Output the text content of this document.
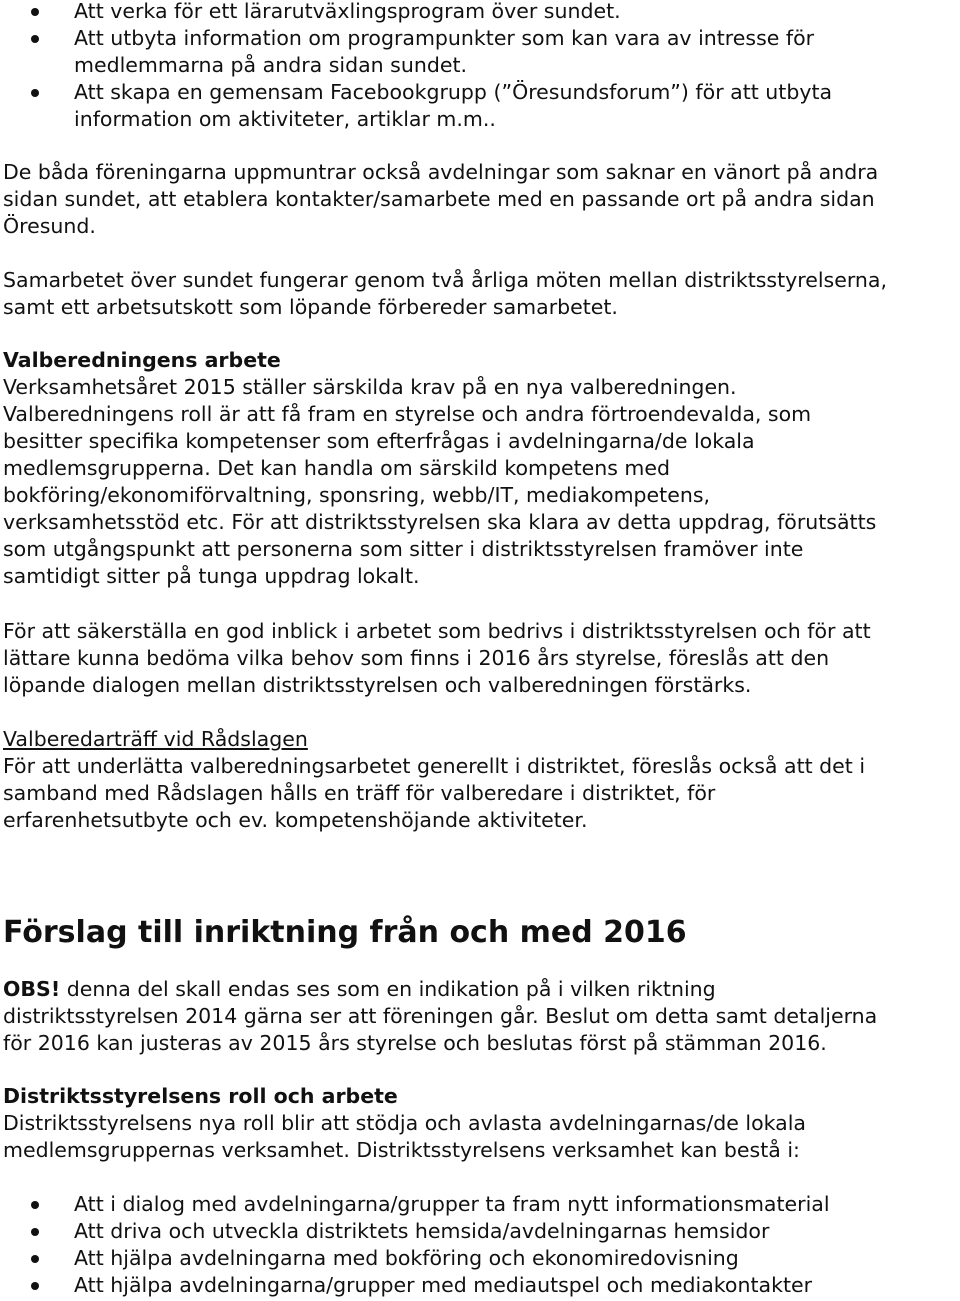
Att verka för ett lärarutväxlingsprogram över sundet.
Att utbyta information om programpunkter som kan vara av intresse för
medlemmarna på andra sidan sundet.
Att skapa en gemensam Facebookgrupp (”Öresundsforum”) för att utbyta
information om aktiviteter, artiklar m.m..
De båda föreningarna uppmuntrar också avdelningar som saknar en vänort på andra
sidan sundet, att etablera kontakter/samarbete med en passande ort på andra sidan
Öresund.
Samarbetet över sundet fungerar genom två årliga möten mellan distriktsstyrelserna,
samt ett arbetsutskott som löpande förbereder samarbetet.
Valberedningens arbete
Verksamhetsåret 2015 ställer särskilda krav på en nya valberedningen.
Valberedningens roll är att få fram en styrelse och andra förtroendevalda, som
besitter specifika kompetenser som efterfrågas i avdelningarna/de lokala
medlemsgrupperna. Det kan handla om särskild kompetens med
bokföring/ekonomiförvaltning, sponsring, webb/IT, mediakompetens,
verksamhetsstöd etc. För att distriktsstyrelsen ska klara av detta uppdrag, förutsätts
som utgångspunkt att personerna som sitter i distriktsstyrelsen framöver inte
samtidigt sitter på tunga uppdrag lokalt.
För att säkerställa en god inblick i arbetet som bedrivs i distriktsstyrelsen och för att
lättare kunna bedöma vilka behov som finns i 2016 års styrelse, föreslås att den
löpande dialogen mellan distriktsstyrelsen och valberedningen förstärks.
Valberedarträff vid Rådslagen
För att underlätta valberedningsarbetet generellt i distriktet, föreslås också att det i
samband med Rådslagen hålls en träff för valberedare i distriktet, för
erfarenhetsutbyte och ev. kompetenshöjande aktiviteter.
Förslag till inriktning från och med 2016
OBS! denna del skall endas ses som en indikation på i vilken riktning
distriktsstyrelsen 2014 gärna ser att föreningen går. Beslut om detta samt detaljerna
för 2016 kan justeras av 2015 års styrelse och beslutas först på stämman 2016.
Distriktsstyrelsens roll och arbete
Distriktsstyrelsens nya roll blir att stödja och avlasta avdelningarnas/de lokala
medlemsgruppernas verksamhet. Distriktsstyrelsens verksamhet kan bestå i:
Att i dialog med avdelningarna/grupper ta fram nytt informationsmaterial
Att driva och utveckla distriktets hemsida/avdelningarnas hemsidor
Att hjälpa avdelningarna med bokföring och ekonomiredovisning
Att hjälpa avdelningarna/grupper med mediautspel och mediakontakter
